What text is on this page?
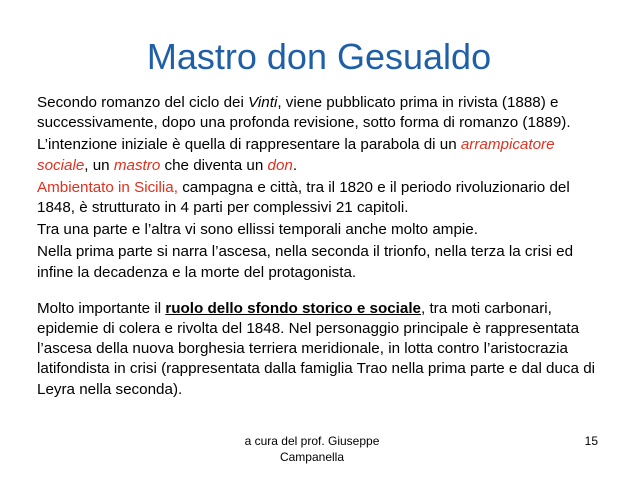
Mastro don Gesualdo

Secondo romanzo del ciclo dei Vinti, viene pubblicato prima in rivista (1888) e successivamente, dopo una profonda revisione, sotto forma di romanzo (1889).

L’intenzione iniziale è quella di rappresentare la parabola di un arrampicatore sociale, un mastro che diventa un don.

Ambientato in Sicilia, campagna e città, tra il 1820 e il periodo rivoluzionario del 1848, è strutturato in 4 parti per complessivi 21 capitoli.

Tra una parte e l’altra vi sono ellissi temporali anche molto ampie.

Nella prima parte si narra l’ascesa, nella seconda il trionfo, nella terza la crisi ed infine la decadenza e la morte del protagonista.

Molto importante il ruolo dello sfondo storico e sociale, tra moti carbonari, epidemie di colera e rivolta del 1848. Nel personaggio principale è rappresentata l’ascesa della nuova borghesia terriera meridionale, in lotta contro l’aristocrazia latifondista in crisi (rappresentata dalla famiglia Trao nella prima parte e dal duca di Leyra nella seconda).

a cura del prof. Giuseppe Campanella
15
